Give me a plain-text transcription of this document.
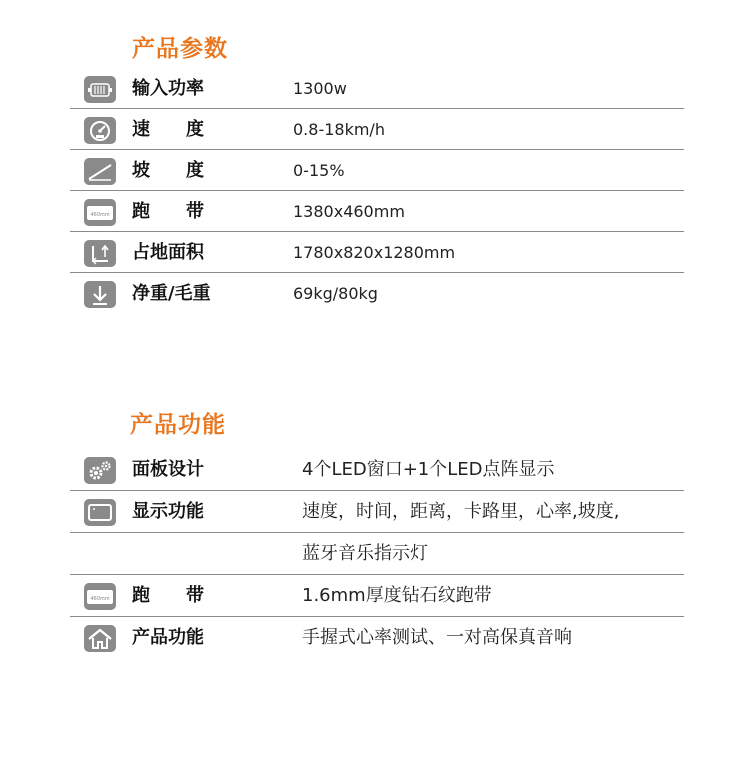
产品参数
输入功率	1300w
速　　度	0.8-18km/h
坡　　度	0-15%
460mm 跑　　带	1380x460mm
占地面积	1780x820x1280mm
净重/毛重	69kg/80kg
产品功能
面板设计	4个LED窗口+1个LED点阵显示
显示功能	速度，时间，距离，卡路里，心率,坡度,
蓝牙音乐指示灯
460mm 跑　　带	1.6mm厚度钻石纹跑带
产品功能	手握式心率测试、一对高保真音响
